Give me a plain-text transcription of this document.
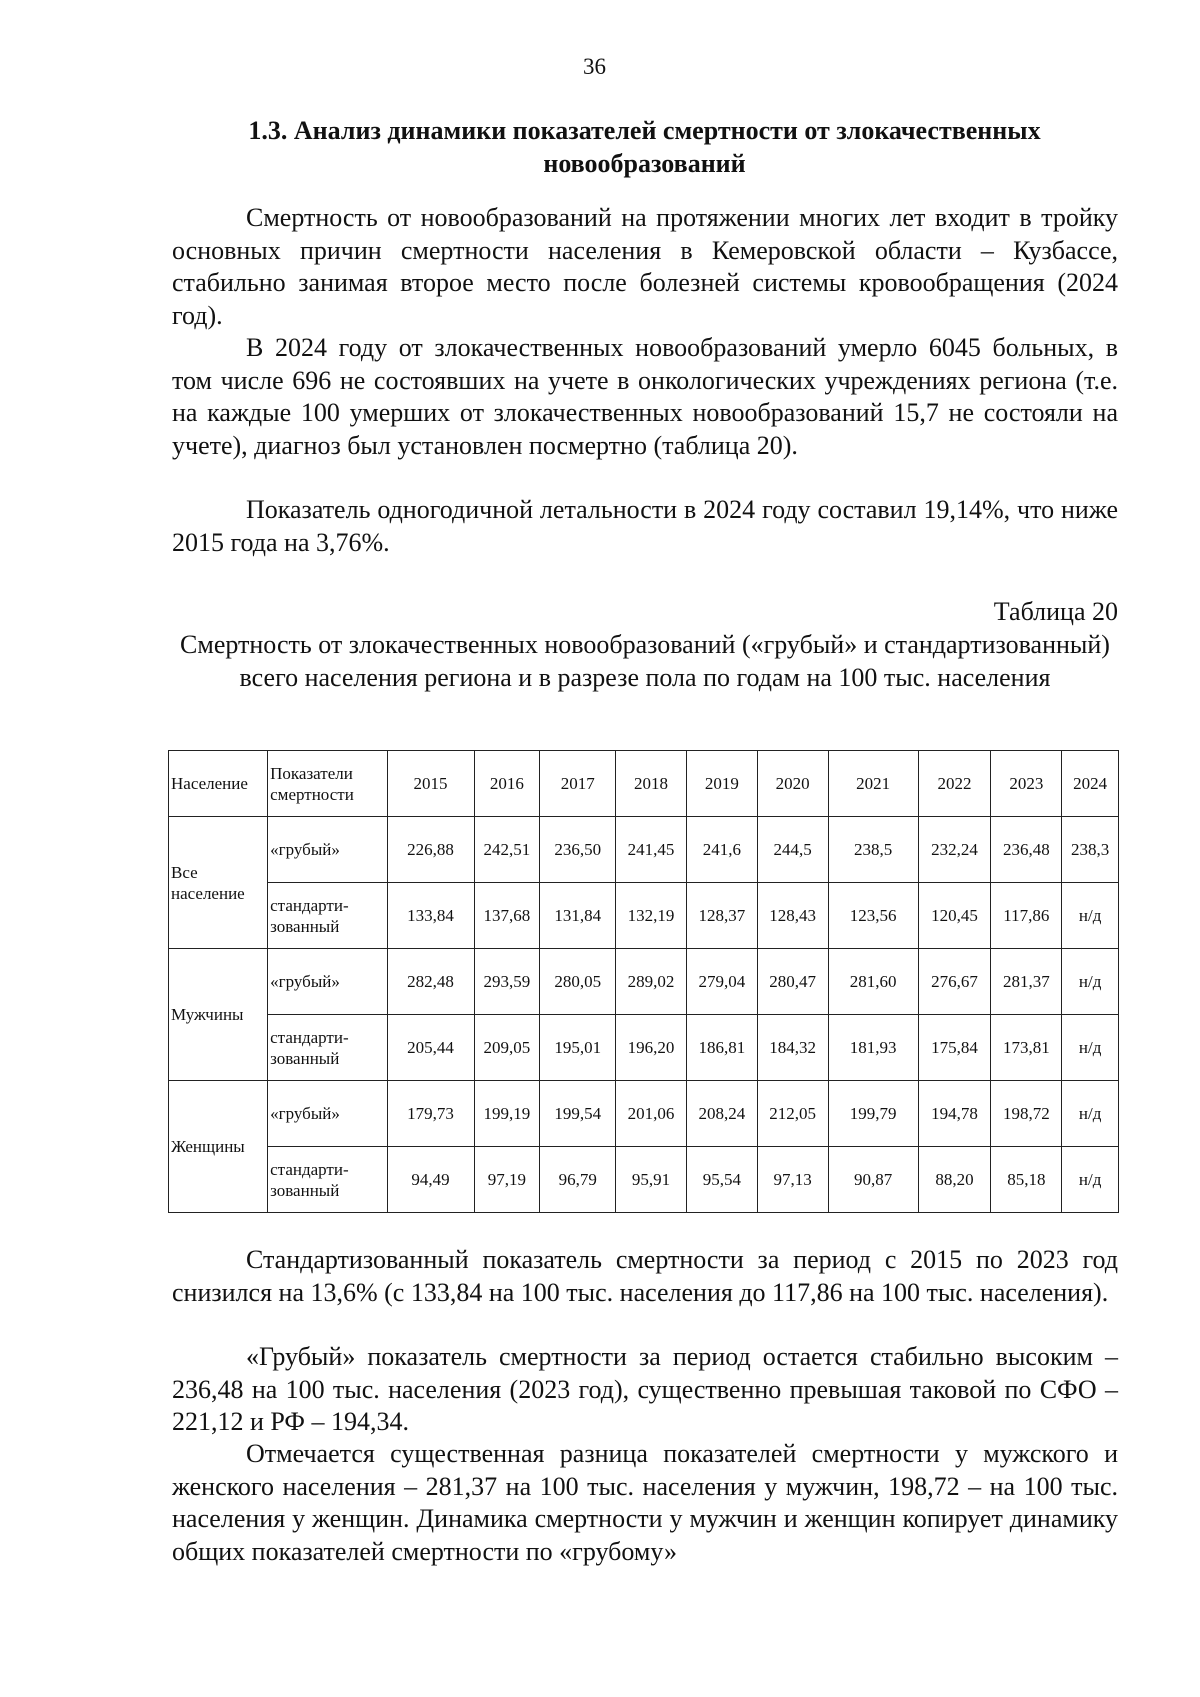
36
1.3. Анализ динамики показателей смертности от злокачественных новообразований

Смертность от новообразований на протяжении многих лет входит в тройку основных причин смертности населения в Кемеровской области – Кузбассе, стабильно занимая второе место после болезней системы кровообращения (2024 год).

В 2024 году от злокачественных новообразований умерло 6045 больных, в том числе 696 не состоявших на учете в онкологических учреждениях региона (т.е. на каждые 100 умерших от злокачественных новообразований 15,7 не состояли на учете), диагноз был установлен посмертно (таблица 20).

Показатель одногодичной летальности в 2024 году составил 19,14%, что ниже 2015 года на 3,76%.

Таблица 20
Смертность от злокачественных новообразований («грубый» и стандартизованный) всего населения региона и в разрезе пола по годам на 100 тыс. населения
Население	Показатели смертности	2015	2016	2017	2018	2019	2020	2021	2022	2023	2024
Все население	«грубый»	226,88	242,51	236,50	241,45	241,6	244,5	238,5	232,24	236,48	238,3
	стандарти-зованный	133,84	137,68	131,84	132,19	128,37	128,43	123,56	120,45	117,86	н/д
Мужчины	«грубый»	282,48	293,59	280,05	289,02	279,04	280,47	281,60	276,67	281,37	н/д
	стандарти-зованный	205,44	209,05	195,01	196,20	186,81	184,32	181,93	175,84	173,81	н/д
Женщины	«грубый»	179,73	199,19	199,54	201,06	208,24	212,05	199,79	194,78	198,72	н/д
	стандарти-зованный	94,49	97,19	96,79	95,91	95,54	97,13	90,87	88,20	85,18	н/д

Стандартизованный показатель смертности за период с 2015 по 2023 год снизился на 13,6% (с 133,84 на 100 тыс. населения до 117,86 на 100 тыс. населения).

«Грубый» показатель смертности за период остается стабильно высоким – 236,48 на 100 тыс. населения (2023 год), существенно превышая таковой по СФО – 221,12 и РФ – 194,34.

Отмечается существенная разница показателей смертности у мужского и женского населения – 281,37 на 100 тыс. населения у мужчин, 198,72 – на 100 тыс. населения у женщин. Динамика смертности у мужчин и женщин копирует динамику общих показателей смертности по «грубому»
